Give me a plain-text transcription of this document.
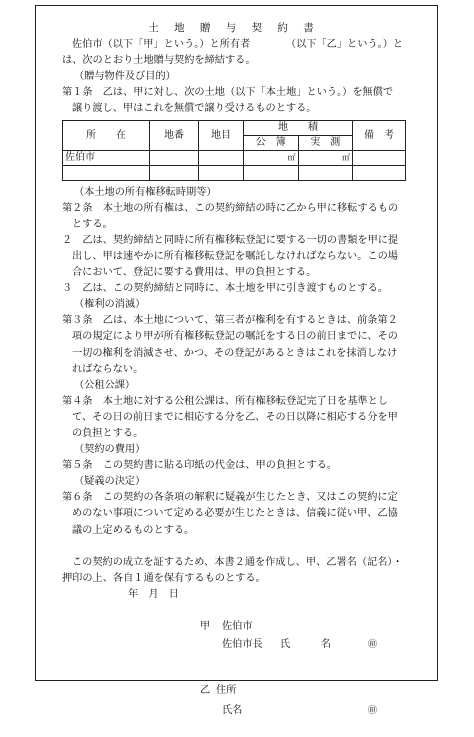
土 地 贈 与 契 約 書
佐伯市（以下「甲」という。）と所有者　　　　（以下「乙」という。）と
は、次のとおり土地贈与契約を締結する。
（贈与物件及び目的）
第１条　乙は、甲に対し、次の土地（以下「本土地」という。）を無償で
譲り渡し、甲はこれを無償で譲り受けるものとする。
所　　在	地番	地目	地　　積		備　考
			公　簿	実　測	
佐伯市			㎡	㎡	

（本土地の所有権移転時期等）
第２条　本土地の所有権は、この契約締結の時に乙から甲に移転するもの
とする。
２　乙は、契約締結と同時に所有権移転登記に要する一切の書類を甲に提
出し、甲は速やかに所有権移転登記を嘱託しなければならない。この場
合において、登記に要する費用は、甲の負担とする。
３　乙は、この契約締結と同時に、本土地を甲に引き渡すものとする。
（権利の消滅）
第３条　乙は、本土地について、第三者が権利を有するときは、前条第２
項の規定により甲が所有権移転登記の嘱託をする日の前日までに、その
一切の権利を消滅させ、かつ、その登記があるときはこれを抹消しなけ
ればならない。
（公租公課）
第４条　本土地に対する公租公課は、所有権移転登記完了日を基準とし
て、その日の前日までに相応する分を乙、その日以降に相応する分を甲
の負担とする。
（契約の費用）
第５条　この契約書に貼る印紙の代金は、甲の負担とする。
（疑義の決定）
第６条　この契約の各条項の解釈に疑義が生じたとき、又はこの契約に定
めのない事項について定める必要が生じたときは、信義に従い甲、乙協
議の上定めるものとする。
この契約の成立を証するため、本書２通を作成し、甲、乙署名（記名）・
押印の上、各自１通を保有するものとする。
年　月　日
甲 佐伯市
佐伯市長 氏　　　名	㊞
乙 住所
氏名	㊞
